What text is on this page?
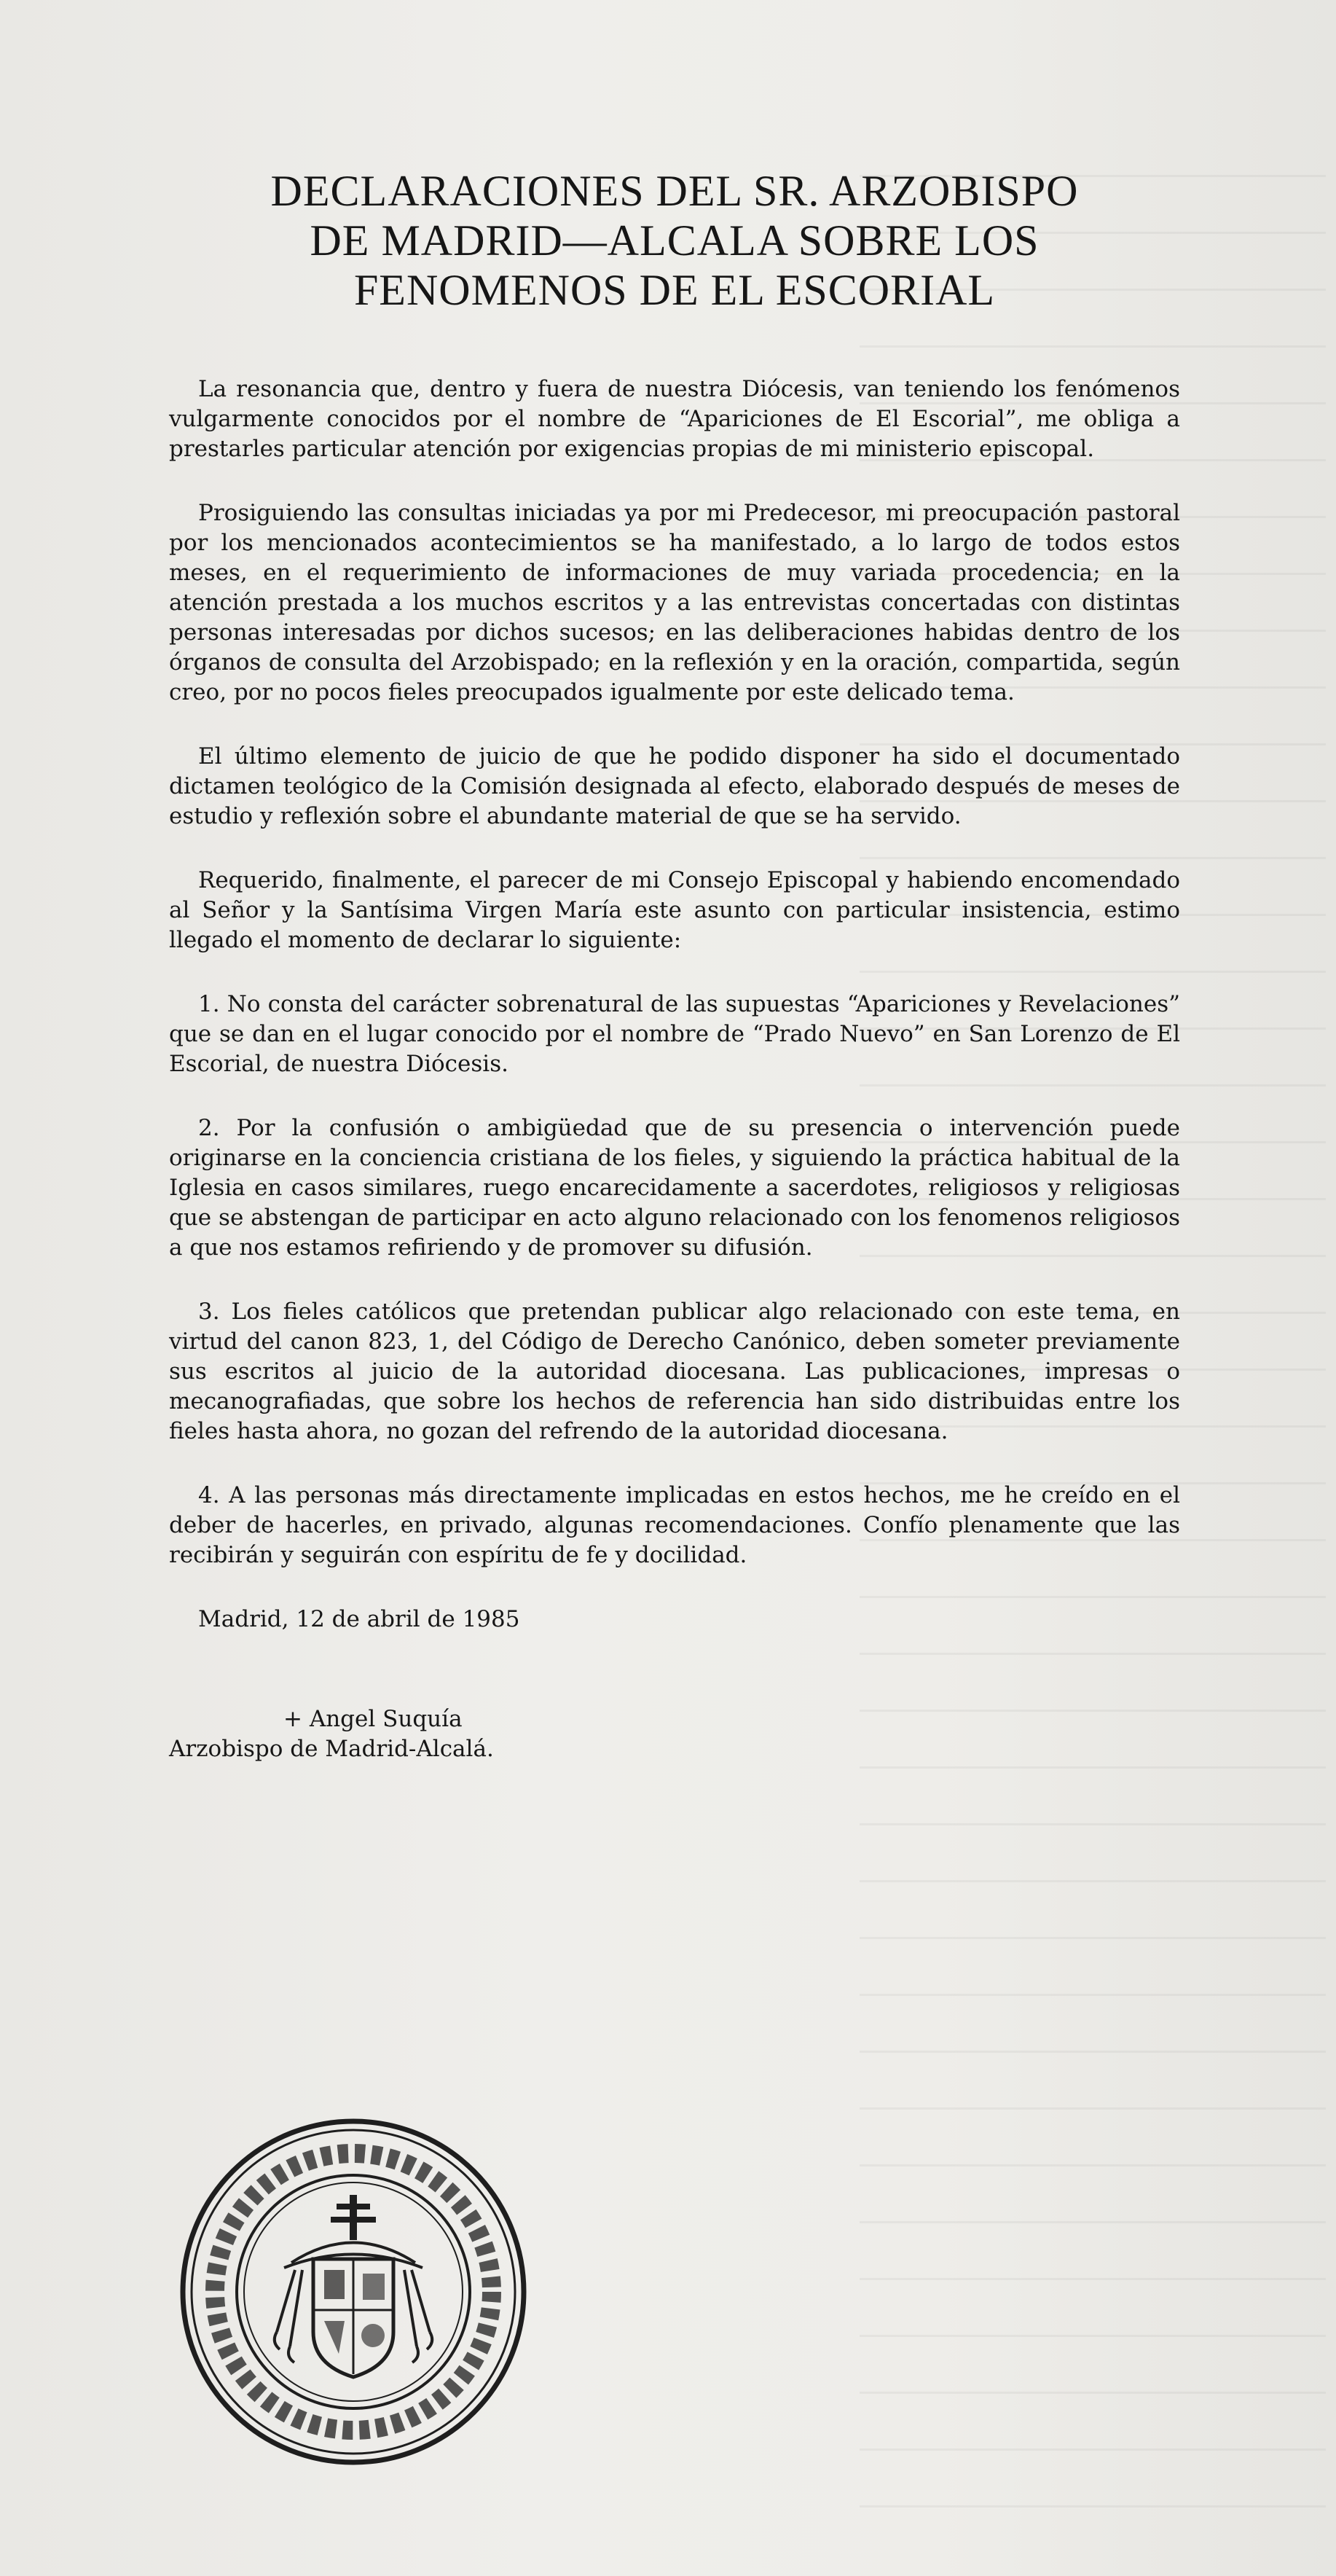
DECLARACIONES DEL SR. ARZOBISPO
DE MADRID—ALCALA SOBRE LOS
FENOMENOS DE EL ESCORIAL

La resonancia que, dentro y fuera de nuestra Diócesis, van teniendo los fenómenos vulgarmente conocidos por el nombre de “Apariciones de El Escorial”, me obliga a prestarles particular atención por exigencias propias de mi ministerio episcopal.

Prosiguiendo las consultas iniciadas ya por mi Predecesor, mi preocupación pastoral por los mencionados acontecimientos se ha manifestado, a lo largo de todos estos meses, en el requerimiento de informaciones de muy variada procedencia; en la atención prestada a los muchos escritos y a las entrevistas concertadas con distintas personas interesadas por dichos sucesos; en las deliberaciones habidas dentro de los órganos de consulta del Arzobispado; en la reflexión y en la oración, compartida, según creo, por no pocos fieles preocupados igualmente por este delicado tema.

El último elemento de juicio de que he podido disponer ha sido el documentado dictamen teológico de la Comisión designada al efecto, elaborado después de meses de estudio y reflexión sobre el abundante material de que se ha servido.

Requerido, finalmente, el parecer de mi Consejo Episcopal y habiendo encomendado al Señor y la Santísima Virgen María este asunto con particular insistencia, estimo llegado el momento de declarar lo siguiente:

1. No consta del carácter sobrenatural de las supuestas “Apariciones y Revelaciones” que se dan en el lugar conocido por el nombre de “Prado Nuevo” en San Lorenzo de El Escorial, de nuestra Diócesis.

2. Por la confusión o ambigüedad que de su presencia o intervención puede originarse en la conciencia cristiana de los fieles, y siguiendo la práctica habitual de la Iglesia en casos similares, ruego encarecidamente a sacerdotes, religiosos y religiosas que se abstengan de participar en acto alguno relacionado con los fenomenos religiosos a que nos estamos refiriendo y de promover su difusión.

3. Los fieles católicos que pretendan publicar algo relacionado con este tema, en virtud del canon 823, 1, del Código de Derecho Canónico, deben someter previamente sus escritos al juicio de la autoridad diocesana. Las publicaciones, impresas o mecanografiadas, que sobre los hechos de referencia han sido distribuidas entre los fieles hasta ahora, no gozan del refrendo de la autoridad diocesana.

4. A las personas más directamente implicadas en estos hechos, me he creído en el deber de hacerles, en privado, algunas recomendaciones. Confío plenamente que las recibirán y seguirán con espíritu de fe y docilidad.

Madrid, 12 de abril de 1985

+ Angel Suquía
Arzobispo de Madrid-Alcalá.
